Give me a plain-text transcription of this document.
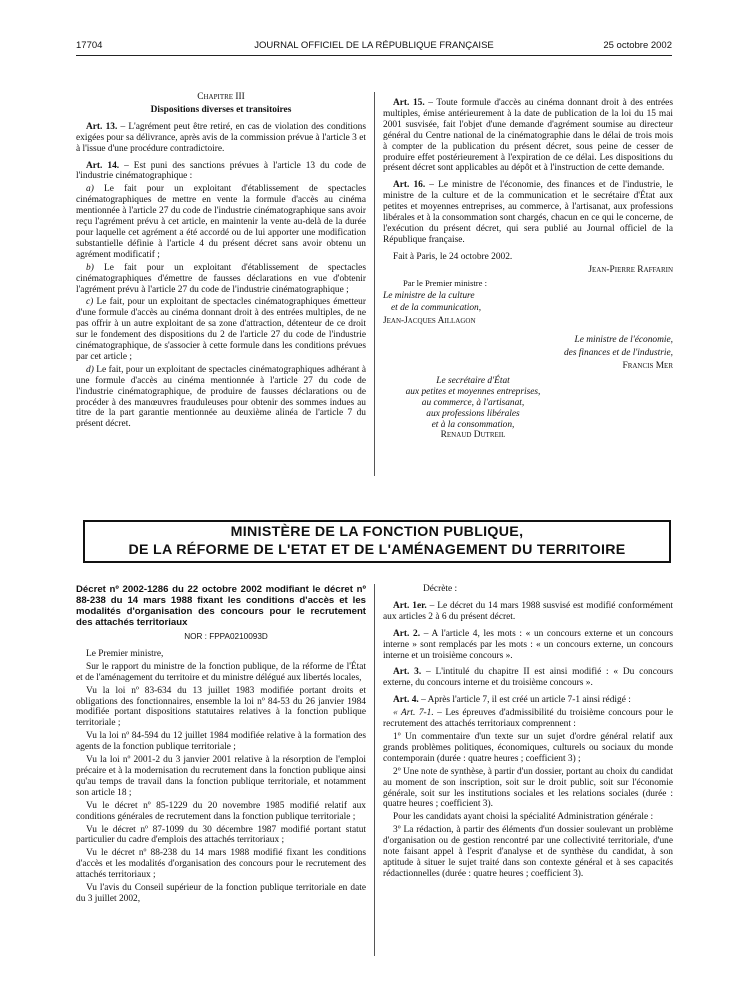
17704	JOURNAL OFFICIEL DE LA RÉPUBLIQUE FRANÇAISE	25 octobre 2002

Chapitre III

Dispositions diverses et transitoires

Art. 13. – L'agrément peut être retiré, en cas de violation des conditions exigées pour sa délivrance, après avis de la commission prévue à l'article 3 et à l'issue d'une procédure contradictoire.

Art. 14. – Est puni des sanctions prévues à l'article 13 du code de l'industrie cinématographique :

a) Le fait pour un exploitant d'établissement de spectacles cinématographiques de mettre en vente la formule d'accès au cinéma mentionnée à l'article 27 du code de l'industrie cinématographique sans avoir reçu l'agrément prévu à cet article, en maintenir la vente au-delà de la durée pour laquelle cet agrément a été accordé ou de lui apporter une modification substantielle définie à l'article 4 du présent décret sans avoir obtenu un agrément modificatif ;

b) Le fait pour un exploitant d'établissement de spectacles cinématographiques d'émettre de fausses déclarations en vue d'obtenir l'agrément prévu à l'article 27 du code de l'industrie cinématographique ;

c) Le fait, pour un exploitant de spectacles cinématographiques émetteur d'une formule d'accès au cinéma donnant droit à des entrées multiples, de ne pas offrir à un autre exploitant de sa zone d'attraction, détenteur de ce droit sur le fondement des dispositions du 2 de l'article 27 du code de l'industrie cinématographique, de s'associer à cette formule dans les conditions prévues par cet article ;

d) Le fait, pour un exploitant de spectacles cinématographiques adhérant à une formule d'accès au cinéma mentionnée à l'article 27 du code de l'industrie cinématographique, de produire de fausses déclarations ou de procéder à des manœuvres frauduleuses pour obtenir des sommes indues au titre de la part garantie mentionnée au deuxième alinéa de l'article 7 du présent décret.

Art. 15. – Toute formule d'accès au cinéma donnant droit à des entrées multiples, émise antérieurement à la date de publication de la loi du 15 mai 2001 susvisée, fait l'objet d'une demande d'agrément soumise au directeur général du Centre national de la cinématographie dans le délai de trois mois à compter de la publication du présent décret, sous peine de cesser de produire effet postérieurement à l'expiration de ce délai. Les dispositions du présent décret sont applicables au dépôt et à l'instruction de cette demande.

Art. 16. – Le ministre de l'économie, des finances et de l'industrie, le ministre de la culture et de la communication et le secrétaire d'État aux petites et moyennes entreprises, au commerce, à l'artisanat, aux professions libérales et à la consommation sont chargés, chacun en ce qui le concerne, de l'exécution du présent décret, qui sera publié au Journal officiel de la République française.

Fait à Paris, le 24 octobre 2002.

Jean-Pierre Raffarin

Par le Premier ministre :

Le ministre de la culture

et de la communication,

Jean-Jacques Aillagon

Le ministre de l'économie,

des finances et de l'industrie,

Francis Mer

Le secrétaire d'État
aux petites et moyennes entreprises,
au commerce, à l'artisanat,
aux professions libérales
et à la consommation,
Renaud Dutreil
MINISTÈRE DE LA FONCTION PUBLIQUE,
DE LA RÉFORME DE L'ETAT ET DE L'AMÉNAGEMENT DU TERRITOIRE

Décret nº 2002-1286 du 22 octobre 2002 modifiant le décret nº 88-238 du 14 mars 1988 fixant les conditions d'accès et les modalités d'organisation des concours pour le recrutement des attachés territoriaux

NOR : FPPA0210093D

Le Premier ministre,

Sur le rapport du ministre de la fonction publique, de la réforme de l'État et de l'aménagement du territoire et du ministre délégué aux libertés locales,

Vu la loi nº 83-634 du 13 juillet 1983 modifiée portant droits et obligations des fonctionnaires, ensemble la loi nº 84-53 du 26 janvier 1984 modifiée portant dispositions statutaires relatives à la fonction publique territoriale ;

Vu la loi nº 84-594 du 12 juillet 1984 modifiée relative à la formation des agents de la fonction publique territoriale ;

Vu la loi nº 2001-2 du 3 janvier 2001 relative à la résorption de l'emploi précaire et à la modernisation du recrutement dans la fonction publique ainsi qu'au temps de travail dans la fonction publique territoriale, et notamment son article 18 ;

Vu le décret nº 85-1229 du 20 novembre 1985 modifié relatif aux conditions générales de recrutement dans la fonction publique territoriale ;

Vu le décret nº 87-1099 du 30 décembre 1987 modifié portant statut particulier du cadre d'emplois des attachés territoriaux ;

Vu le décret nº 88-238 du 14 mars 1988 modifié fixant les conditions d'accès et les modalités d'organisation des concours pour le recrutement des attachés territoriaux ;

Vu l'avis du Conseil supérieur de la fonction publique territoriale en date du 3 juillet 2002,

Décrète :

Art. 1er. – Le décret du 14 mars 1988 susvisé est modifié conformément aux articles 2 à 6 du présent décret.

Art. 2. – A l'article 4, les mots : « un concours externe et un concours interne » sont remplacés par les mots : « un concours externe, un concours interne et un troisième concours ».

Art. 3. – L'intitulé du chapitre II est ainsi modifié : « Du concours externe, du concours interne et du troisième concours ».

Art. 4. – Après l'article 7, il est créé un article 7-1 ainsi rédigé :

« Art. 7-1. – Les épreuves d'admissibilité du troisième concours pour le recrutement des attachés territoriaux comprennent :

1º Un commentaire d'un texte sur un sujet d'ordre général relatif aux grands problèmes politiques, économiques, culturels ou sociaux du monde contemporain (durée : quatre heures ; coefficient 3) ;

2º Une note de synthèse, à partir d'un dossier, portant au choix du candidat au moment de son inscription, soit sur le droit public, soit sur l'économie générale, soit sur les institutions sociales et les relations sociales (durée : quatre heures ; coefficient 3).

Pour les candidats ayant choisi la spécialité Administration générale :

3º La rédaction, à partir des éléments d'un dossier soulevant un problème d'organisation ou de gestion rencontré par une collectivité territoriale, d'une note faisant appel à l'esprit d'analyse et de synthèse du candidat, à son aptitude à situer le sujet traité dans son contexte général et à ses capacités rédactionnelles (durée : quatre heures ; coefficient 3).
